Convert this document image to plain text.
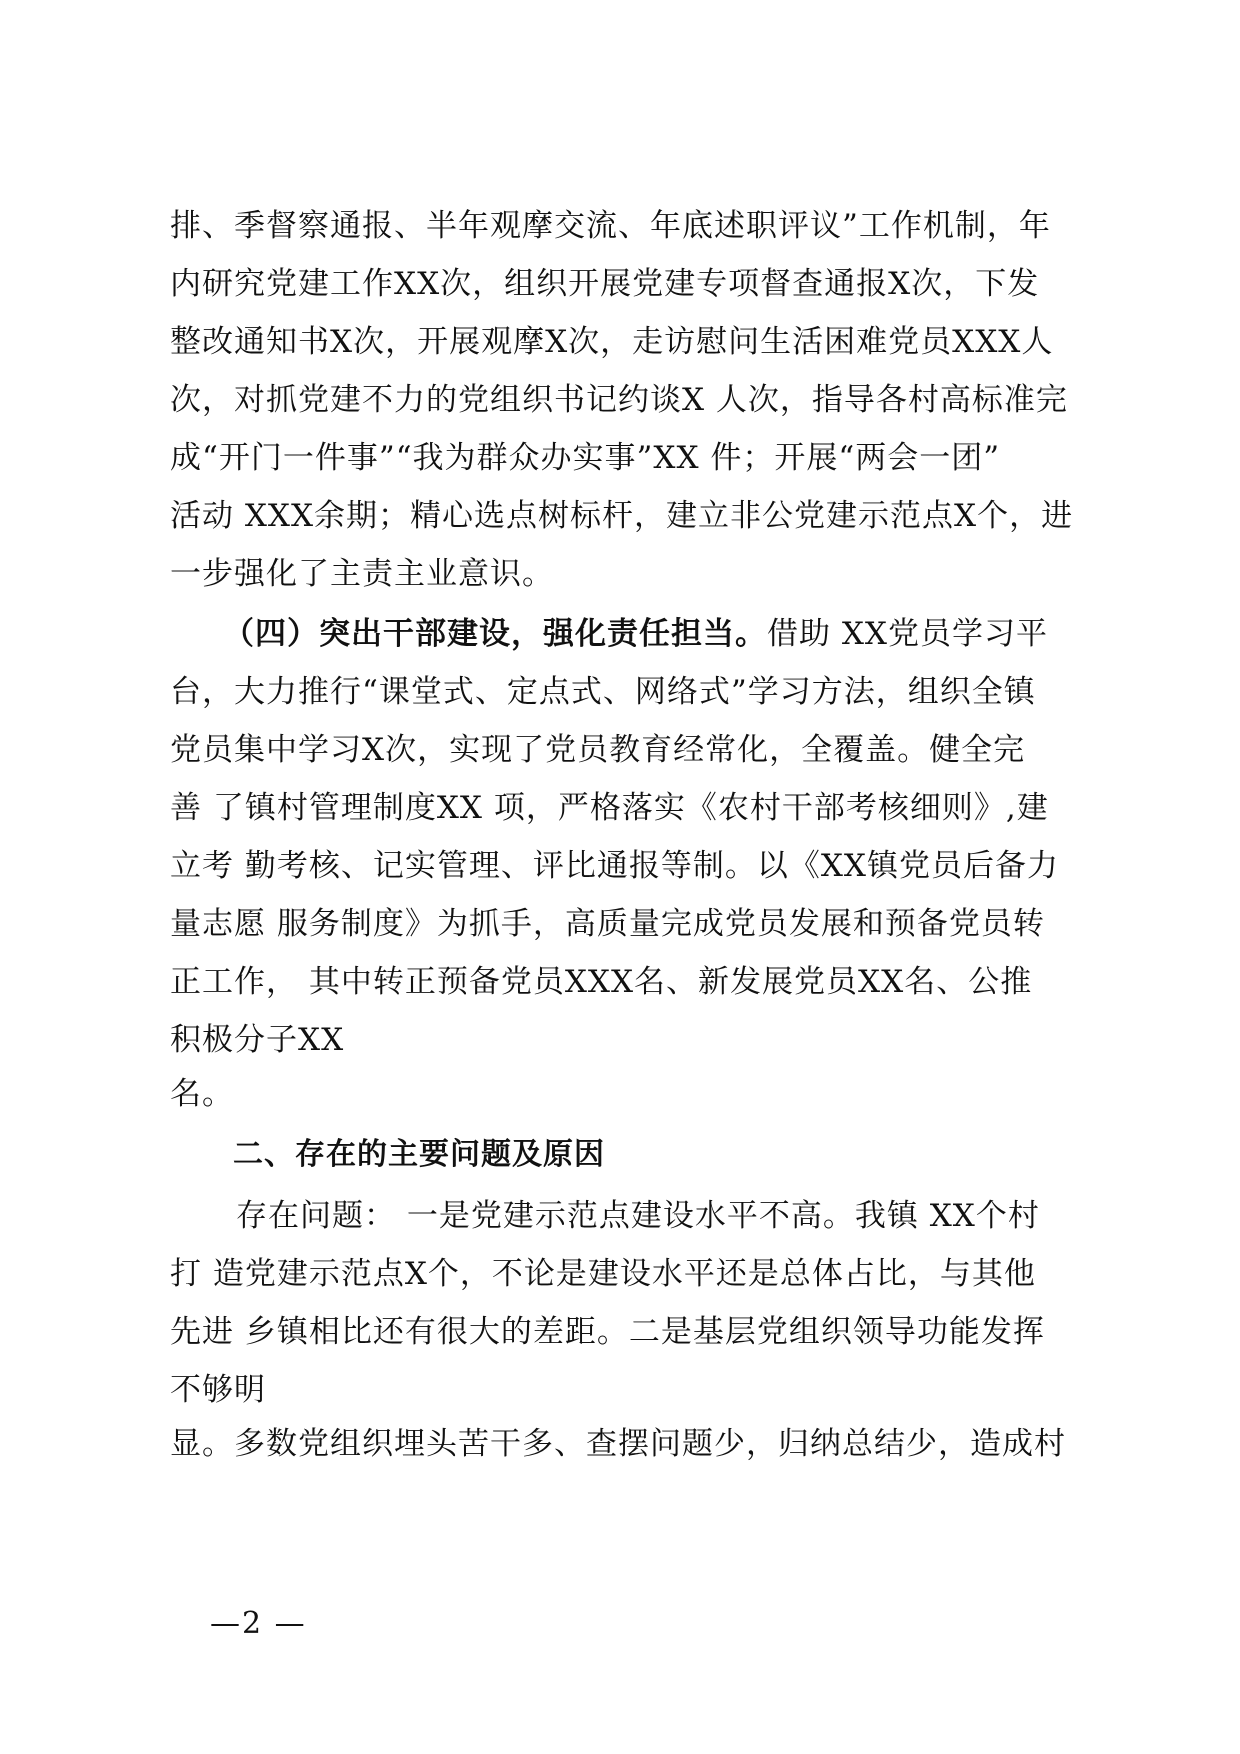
排、季督察通报、半年观摩交流、年底述职评议”工作机制，年
内研究党建工作XX次，组织开展党建专项督查通报X次，下发
整改通知书X次，开展观摩X次，走访慰问生活困难党员XXX人
次，对抓党建不力的党组织书记约谈X 人次，指导各村高标准完
成“开门一件事”“我为群众办实事”XX 件；开展“两会一团”
活动 XXX余期；精心选点树标杆，建立非公党建示范点X个，进
一步强化了主责主业意识。
（四）突出干部建设，强化责任担当。借助 XX党员学习平
台，大力推行“课堂式、定点式、网络式”学习方法，组织全镇
党员集中学习X次，实现了党员教育经常化，全覆盖。健全完
善 了镇村管理制度XX 项，严格落实《农村干部考核细则》,建
立考 勤考核、记实管理、评比通报等制。以《XX镇党员后备力
量志愿 服务制度》为抓手，高质量完成党员发展和预备党员转
正工作， 其中转正预备党员XXX名、新发展党员XX名、公推
积极分子XX
名。
二、存在的主要问题及原因
存在问题： 一是党建示范点建设水平不高。我镇 XX个村
打 造党建示范点X个，不论是建设水平还是总体占比，与其他
先进 乡镇相比还有很大的差距。二是基层党组织领导功能发挥
不够明
显。多数党组织埋头苦干多、查摆问题少，归纳总结少，造成村
—2 —
